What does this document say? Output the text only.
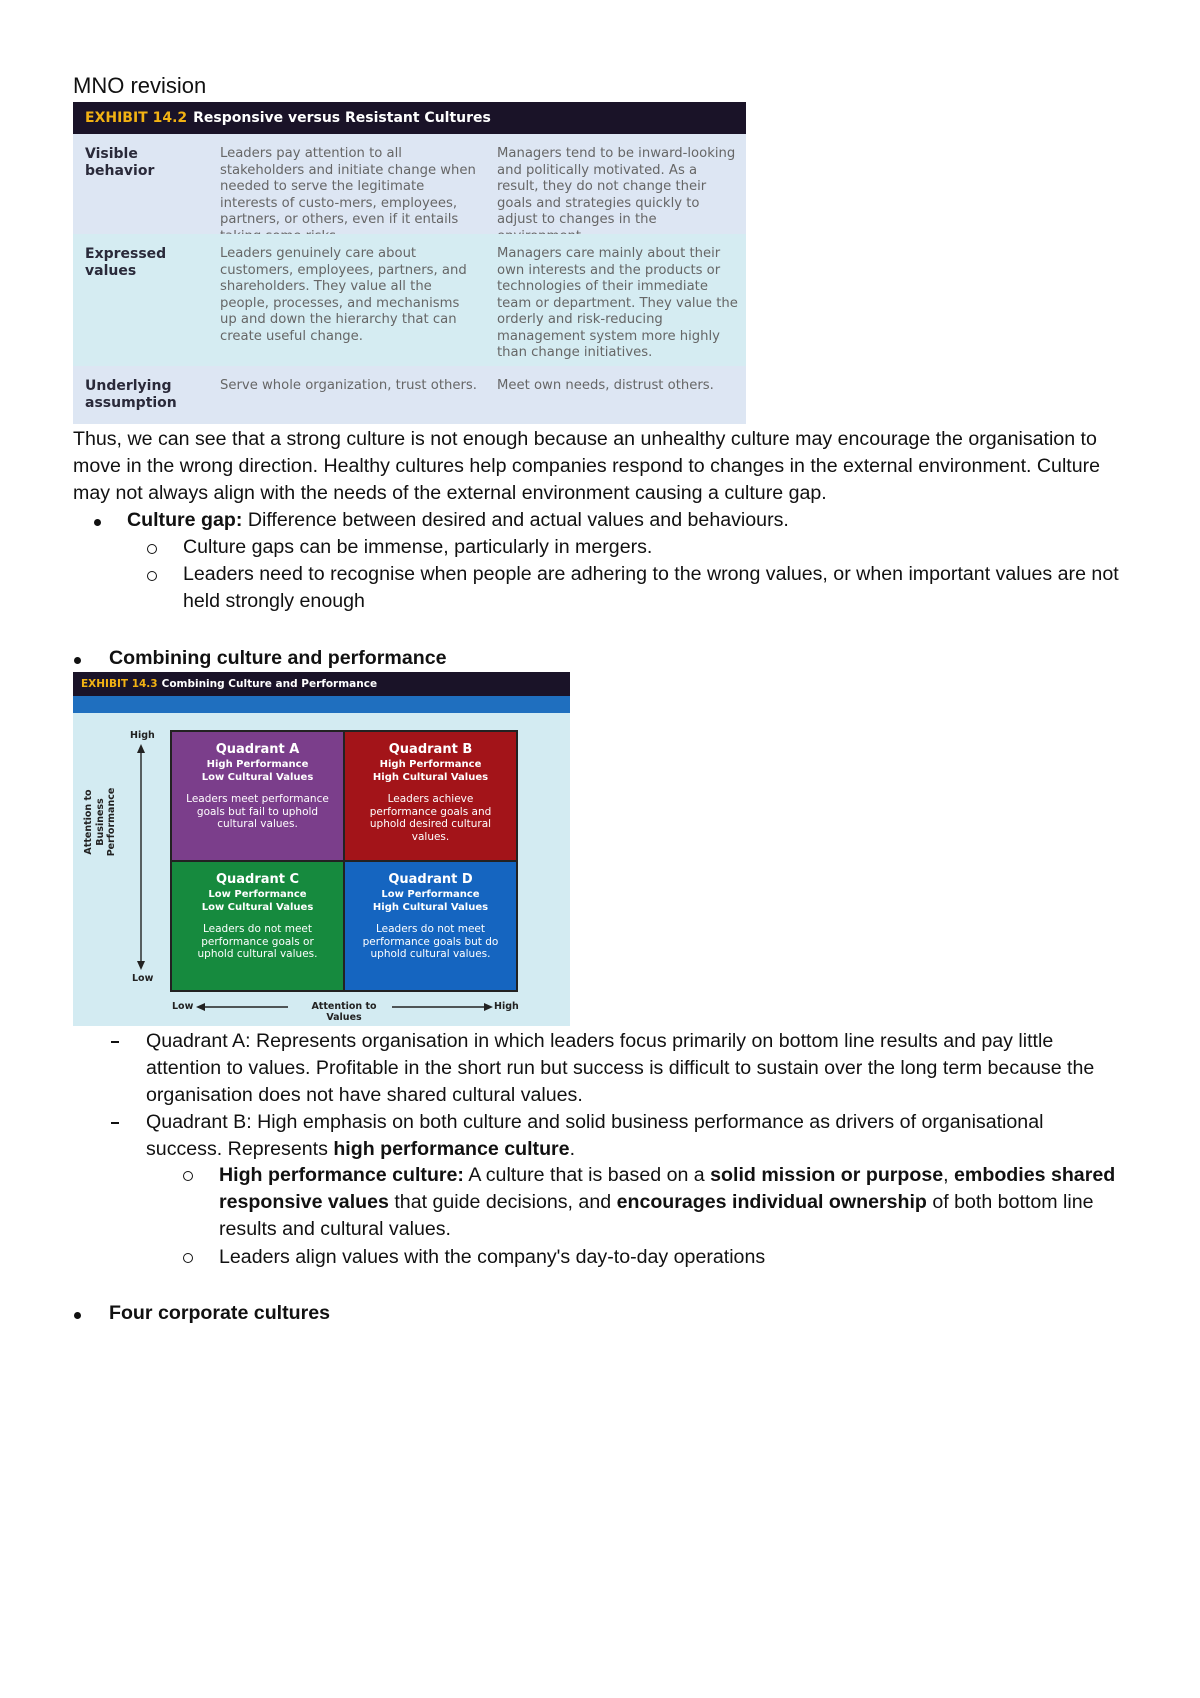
MNO revision
EXHIBIT 14.2 Responsive versus Resistant Cultures
Visible behavior
Leaders pay attention to all stakeholders and initiate change when needed to serve the legitimate interests of custo-mers, employees, partners, or others, even if it entails
Managers tend to be inward-looking and politically motivated. As a result, they do not change their goals and strategies quickly to adjust to changes in the
Expressed values
Leaders genuinely care about customers, employees, partners, and shareholders. They value all the people, processes, and mechanisms up and down the hierarchy that can create useful change.
Managers care mainly about their own interests and the products or technologies of their immediate team or department. They value the orderly and risk-reducing management system more highly than change initiatives.
Underlying assumption
Serve whole organization, trust others. Meet own needs, distrust others.
Thus, we can see that a strong culture is not enough because an unhealthy culture may encourage the organisation to move in the wrong direction. Healthy cultures help companies respond to changes in the external environment. Culture may not always align with the needs of the external environment causing a culture gap.
Culture gap: Difference between desired and actual values and behaviours.
Culture gaps can be immense, particularly in mergers.
Leaders need to recognise when people are adhering to the wrong values, or when important values are not held strongly enough
Combining culture and performance
EXHIBIT 14.3 Combining Culture and Performance
High
Low
Attention to Business Performance
Quadrant A
High Performance
Low Cultural Values
Leaders meet performance goals but fail to uphold cultural values.
Quadrant B
High Performance
High Cultural Values
Leaders achieve performance goals and uphold desired cultural values.
Quadrant C
Low Performance
Low Cultural Values
Leaders do not meet performance goals or uphold cultural values.
Quadrant D
Low Performance
High Cultural Values
Leaders do not meet performance goals but do uphold cultural values.
Low	High
Attention to Values
Quadrant A: Represents organisation in which leaders focus primarily on bottom line results and pay little attention to values. Profitable in the short run but success is difficult to sustain over the long term because the organisation does not have shared cultural values.
Quadrant B: High emphasis on both culture and solid business performance as drivers of organisational success. Represents high performance culture.
High performance culture: A culture that is based on a solid mission or purpose, embodies shared responsive values that guide decisions, and encourages individual ownership of both bottom line results and cultural values.
Leaders align values with the company's day-to-day operations
Four corporate cultures
